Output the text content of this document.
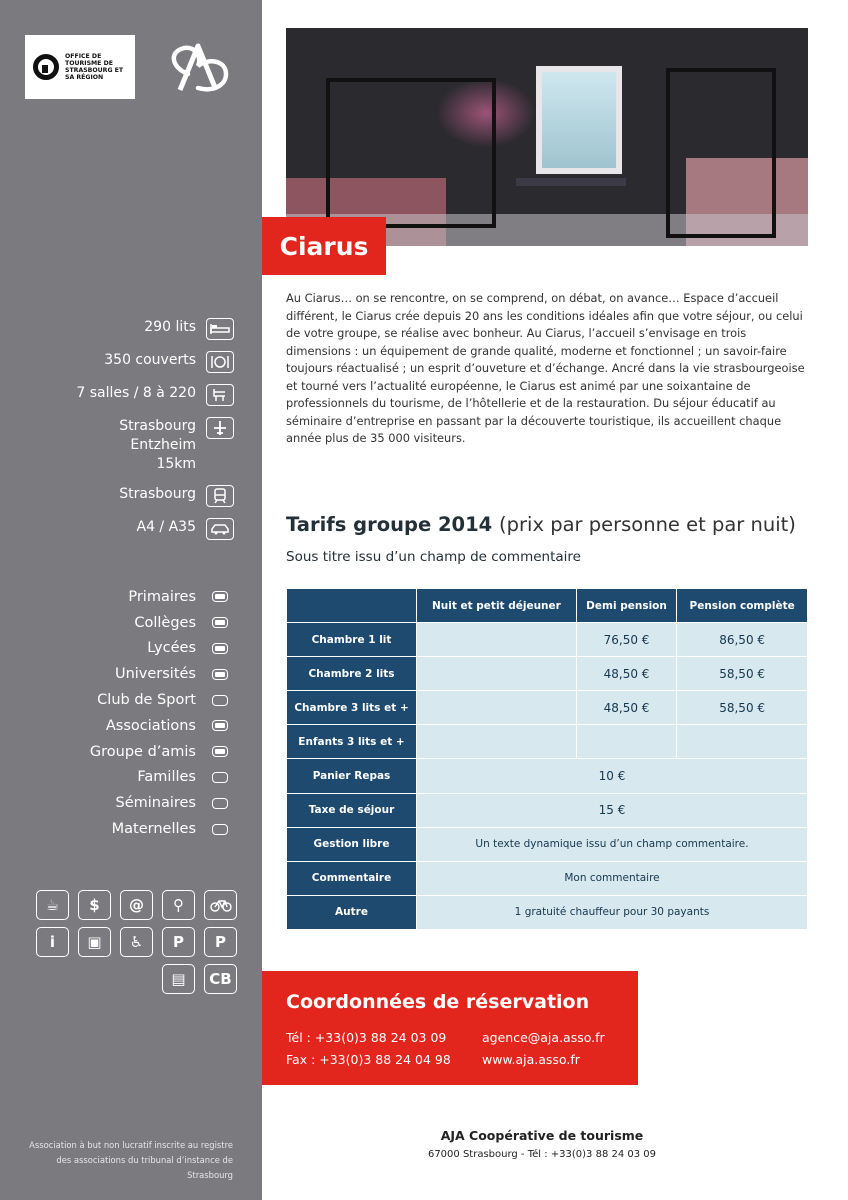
OFFICE DE TOURISME DE STRASBOURG ET SA RÉGION
290 lits
350 couverts
7 salles / 8 à 220
Strasbourg
Entzheim
15km
Strasbourg
A4 / A35
Primaires
Collèges
Lycées
Universités
Club de Sport
Associations
Groupe d’amis
Familles
Séminaires
Maternelles
☕	$	@	⚲
i	▣	♿	P	P
▤	CB
Association à but non lucratif inscrite au registre des associations du tribunal d’instance de Strasbourg
Ciarus
Au Ciarus… on se rencontre, on se comprend, on débat, on avance… Espace d’accueil différent, le Ciarus crée depuis 20 ans les conditions idéales afin que votre séjour, ou celui de votre groupe, se réalise avec bonheur. Au Ciarus, l’accueil s’envisage en trois dimensions : un équipement de grande qualité, moderne et fonctionnel ; un savoir-faire toujours réactualisé ; un esprit d’ouveture et d’échange. Ancré dans la vie strasbourgeoise et tourné vers l’actualité européenne, le Ciarus est animé par une soixantaine de professionnels du tourisme, de l’hôtellerie et de la restauration. Du séjour éducatif au séminaire d’entreprise en passant par la découverte touristique, ils accueillent chaque année plus de 35 000 visiteurs.
Tarifs groupe 2014 (prix par personne et par nuit)
Sous titre issu d’un champ de commentaire
	Nuit et petit déjeuner	Demi pension	Pension complète
Chambre 1 lit		76,50 €	86,50 €
Chambre 2 lits		48,50 €	58,50 €
Chambre 3 lits et +		48,50 €	58,50 €
Enfants 3 lits et +			
Panier Repas	10 €		
Taxe de séjour	15 €		
Gestion libre	Un texte dynamique issu d’un champ commentaire.		
Commentaire	Mon commentaire		
Autre	1 gratuité chauffeur pour 30 payants		
Coordonnées de réservation
Tél : +33(0)3 88 24 03 09
Fax : +33(0)3 88 24 04 98
agence@aja.asso.fr
www.aja.asso.fr
AJA Coopérative de tourisme
67000 Strasbourg - Tél : +33(0)3 88 24 03 09
